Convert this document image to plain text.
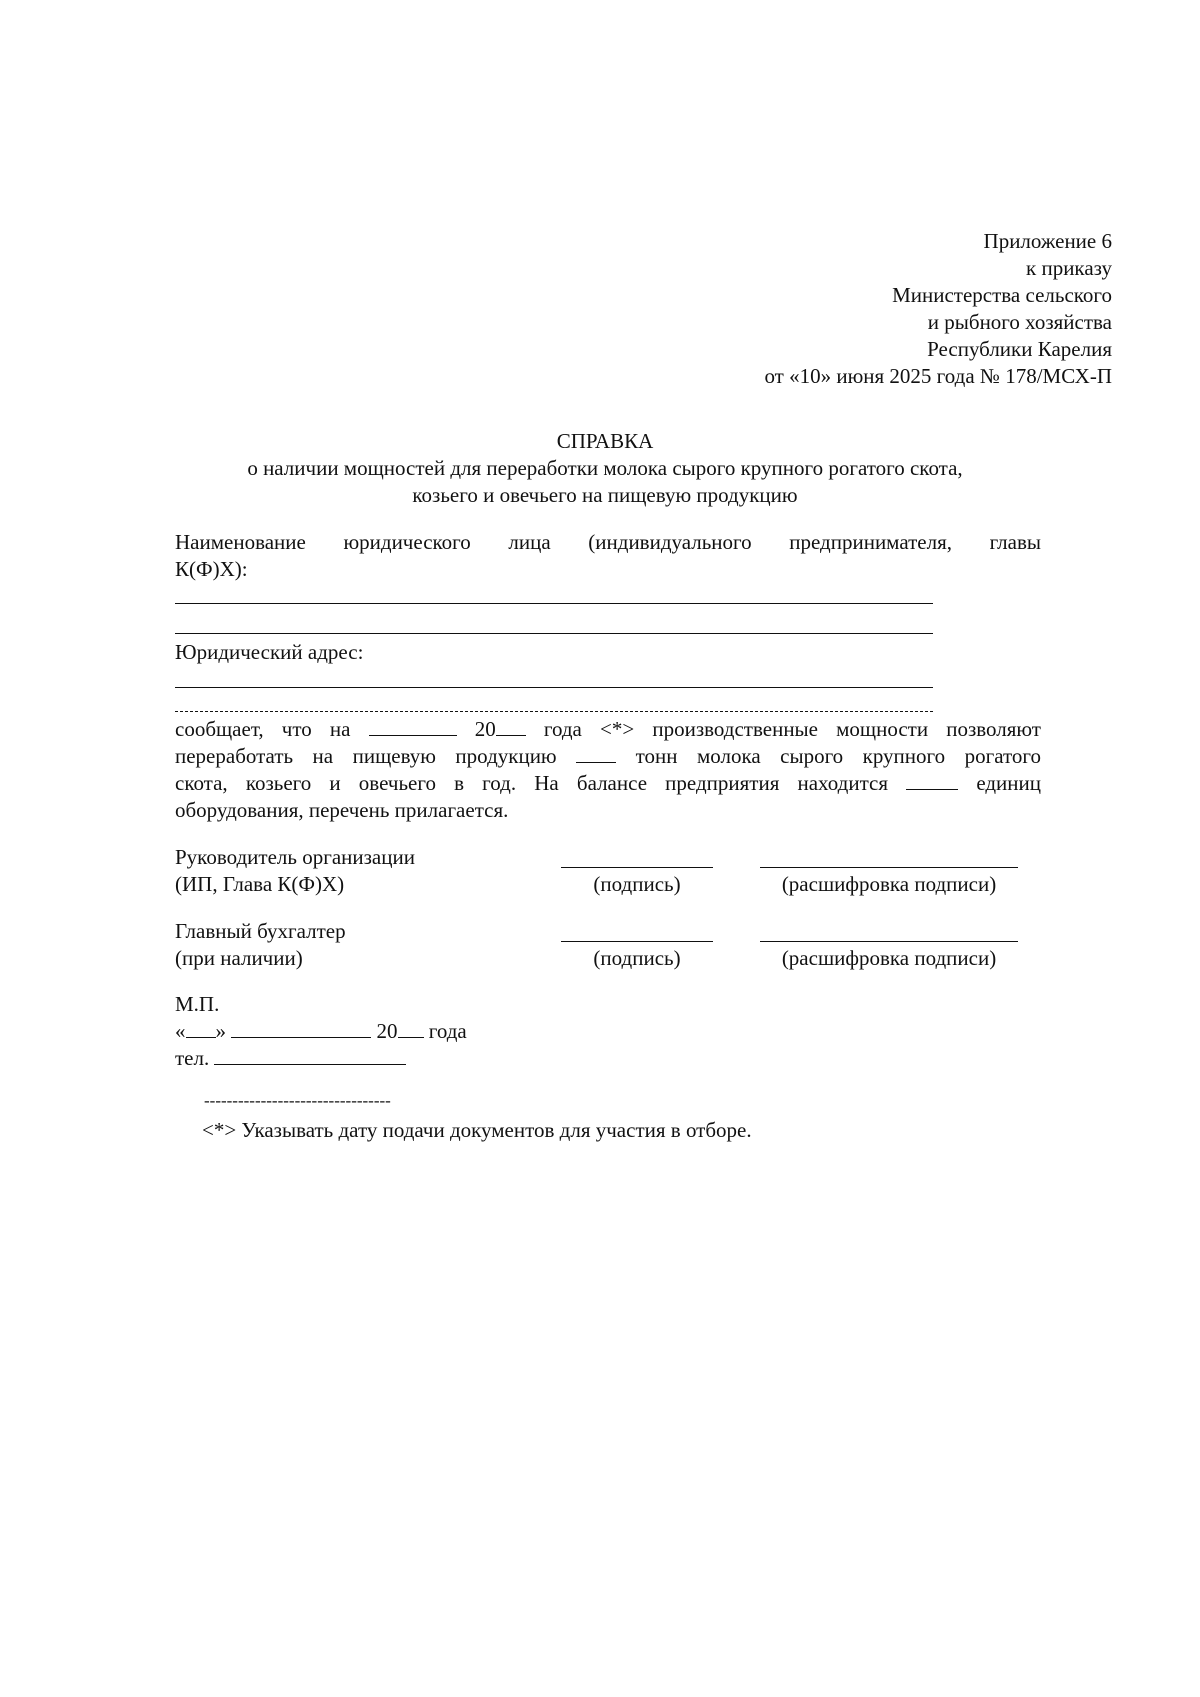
Приложение 6
к приказу
Министерства сельского
и рыбного хозяйства
Республики Карелия
от «10» июня 2025 года № 178/МСХ-П
СПРАВКА
о наличии мощностей для переработки молока сырого крупного рогатого скота,
козьего и овечьего на пищевую продукцию
Наименование юридического лица (индивидуального предпринимателя, главы
К(Ф)Х):
Юридический адрес:
сообщает, что на	20 года <*> производственные мощности позволяют
переработать на пищевую продукцию	тонн молока сырого крупного рогатого
скота, козьего и овечьего в год. На балансе предприятия находится	единиц
оборудования, перечень прилагается.
Руководитель организации
(ИП, Глава К(Ф)Х)	(подпись)	(расшифровка подписи)
Главный бухгалтер
(при наличии)	(подпись)	(расшифровка подписи)
М.П.
« »	20 года
тел.
---------------------------------
<*> Указывать дату подачи документов для участия в отборе.
